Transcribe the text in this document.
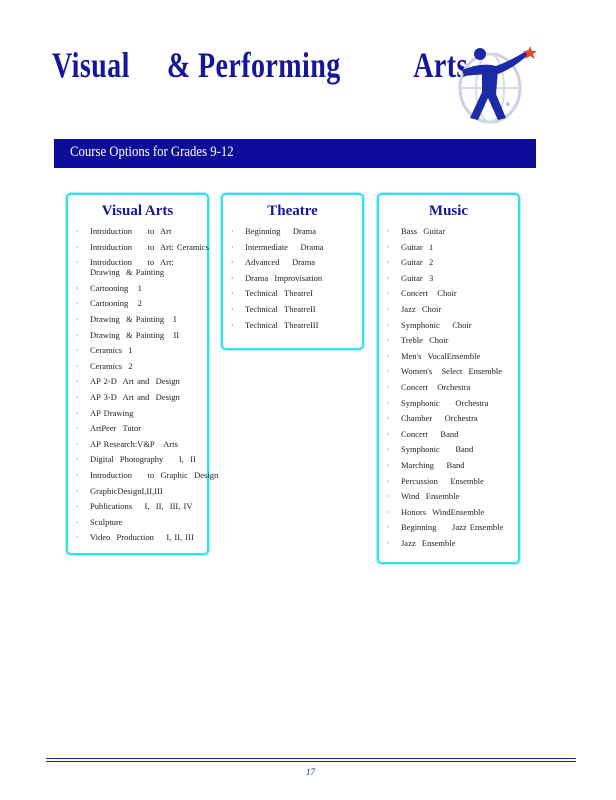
Visual     & Performing          Arts
®
Course Options for Grades 9-12
Visual Arts
› Introduction     to  Art
› Introduction     to  Art: Ceramics
› Introduction     to  Art:
Drawing  & Painting
› Cartooning   1
› Cartooning   2
› Drawing  & Painting   I
› Drawing  & Painting   II
› Ceramics  1
› Ceramics  2
› AP 2-D  Art and  Design
› AP 3-D  Art and  Design
› AP Drawing
› ArtPeer  Tutor
› AP Research:V&P   Arts
› Digital  Photography     I,  II
› Introduction     to  Graphic  Design
› GraphicDesignI,II,III
› Publications    I,  II,  III, IV
› Sculpture
› Video  Production    I, II, III
Theatre
› Beginning    Drama
› Intermediate    Drama
› Advanced    Drama
› Drama  Improvisation
› Technical  TheatreI
› Technical  TheatreII
› Technical  TheatreIII
Music
› Bass  Guitar
› Guitar  1
› Guitar  2
› Guitar  3
› Concert   Choir
› Jazz  Choir
› Symphonic    Choir
› Treble  Choir
› Men's  VocalEnsemble
› Women's   Select  Ensemble
› Concert   Orchestra
› Symphonic     Orchestra
› Chamber    Orchestra
› Concert    Band
› Symphonic     Band
› Marching    Band
› Percussion    Ensemble
› Wind  Ensemble
› Honors  WindEnsemble
› Beginning     Jazz Ensemble
› Jazz  Ensemble
17
